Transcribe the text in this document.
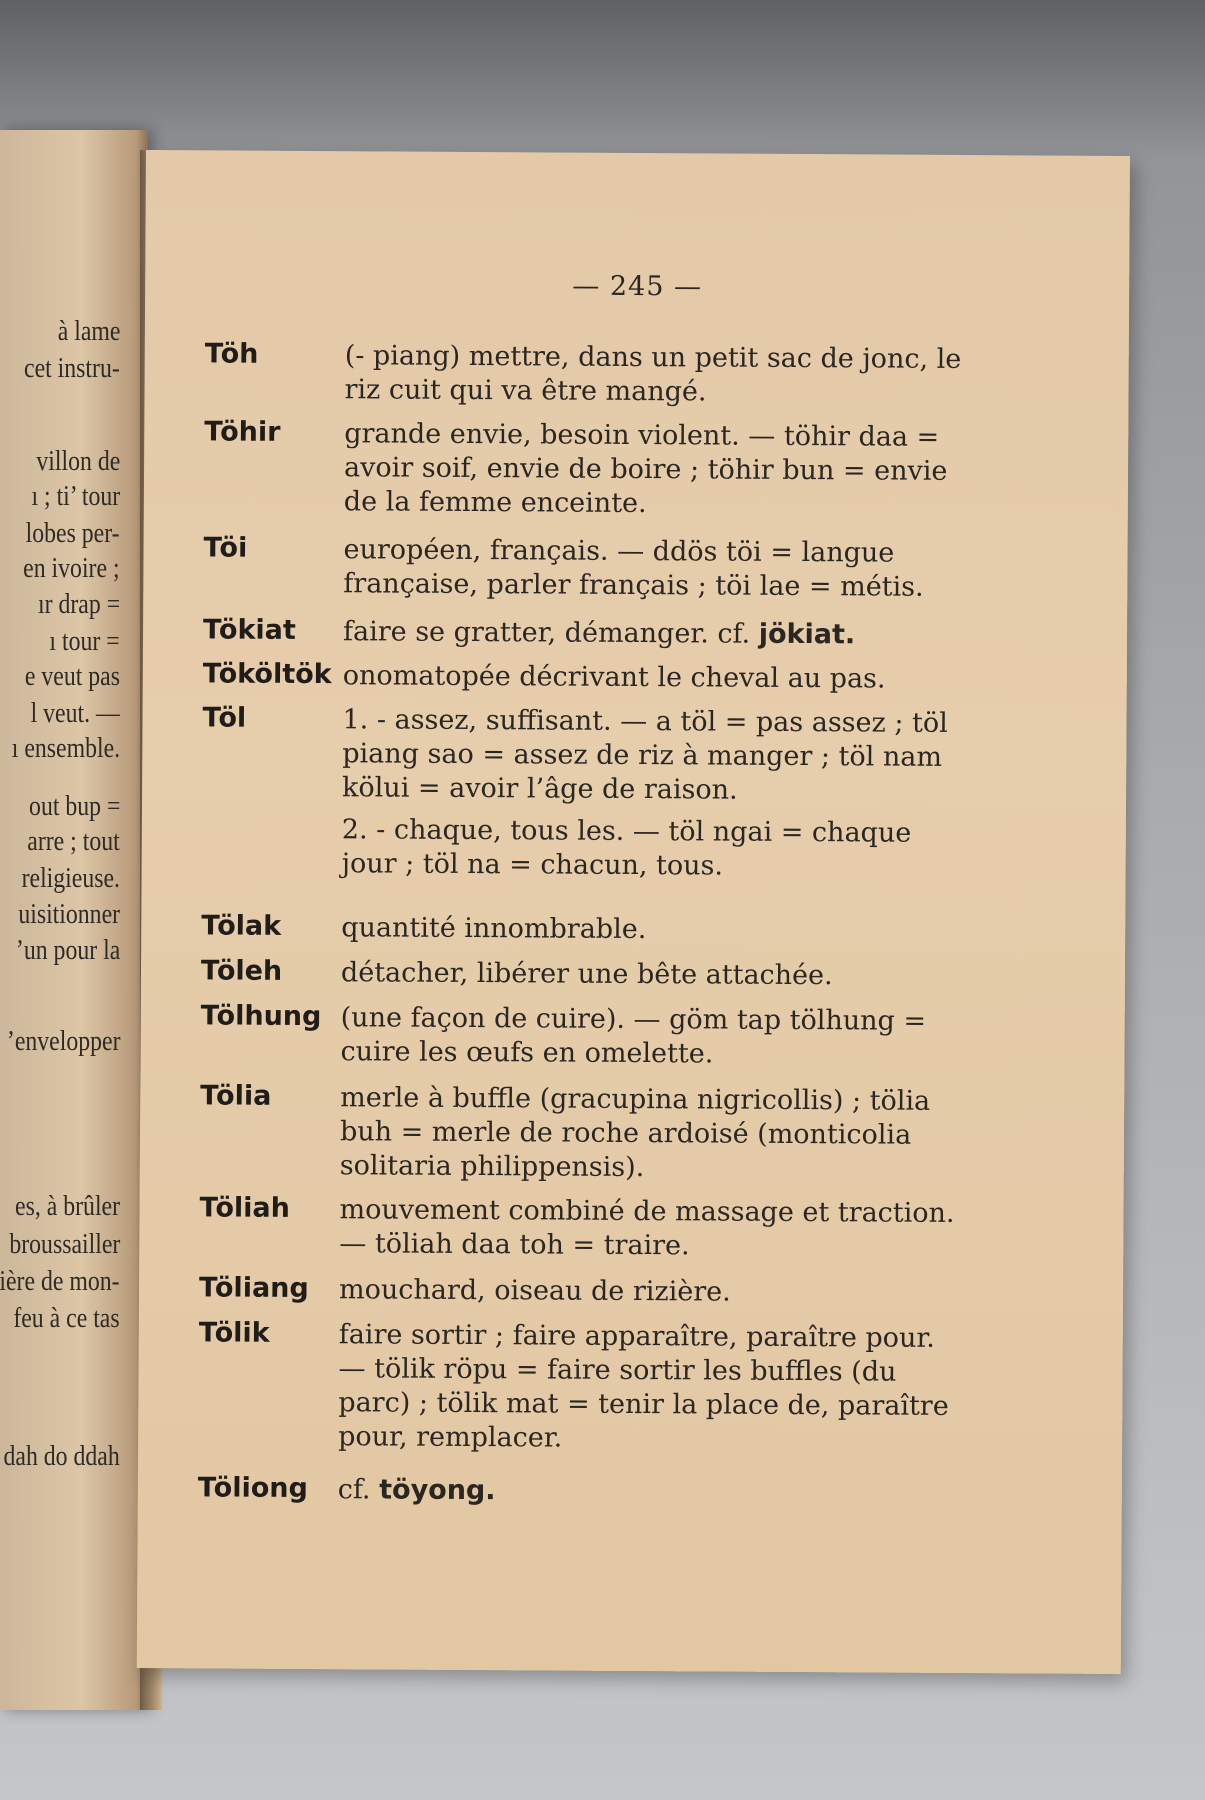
à lame
cet instru-
villon de
ı ; ti’ tour
lobes per-
en ivoire ;
ır drap =
ı tour =
e veut pas
l veut. —
ı ensemble.
out bup =
arre ; tout
religieuse.
uisitionner
’un pour la
’envelopper
es, à brûler
broussailler
ière de mon-
feu à ce tas
dah do ddah
— 245 —
Töh	(- piang) mettre, dans un petit sac de jonc, le riz cuit qui va être mangé.

Töhir grande envie, besoin violent. — töhir daa = avoir soif, envie de boire ; töhir bun = envie de la femme enceinte.

Töi	européen, français. — ddös töi = langue française, parler français ; töi lae = métis.

Tökiat faire se gratter, démanger. cf. jökiat.

Tököltök onomatopée décrivant le cheval au pas.

Töl	1. - assez, suffisant. — a töl = pas assez ; töl piang sao = assez de riz à manger ; töl nam kölui = avoir l’âge de raison.

2. - chaque, tous les. — töl ngai = chaque jour ; töl na = chacun, tous.

Tölak quantité innombrable.

Töleh détacher, libérer une bête attachée.

Tölhung (une façon de cuire). — göm tap tölhung = cuire les œufs en omelette.

Tölia	merle à buffle (gracupina nigricollis) ; tölia buh = merle de roche ardoisé (monticolia solitaria philippensis).

Töliah mouvement combiné de massage et traction. — töliah daa toh = traire.

Töliang mouchard, oiseau de rizière.

Tölik	faire sortir ; faire apparaître, paraître pour. — tölik röpu = faire sortir les buffles (du parc) ; tölik mat = tenir la place de, paraître pour, remplacer.

Töliong cf. töyong.
